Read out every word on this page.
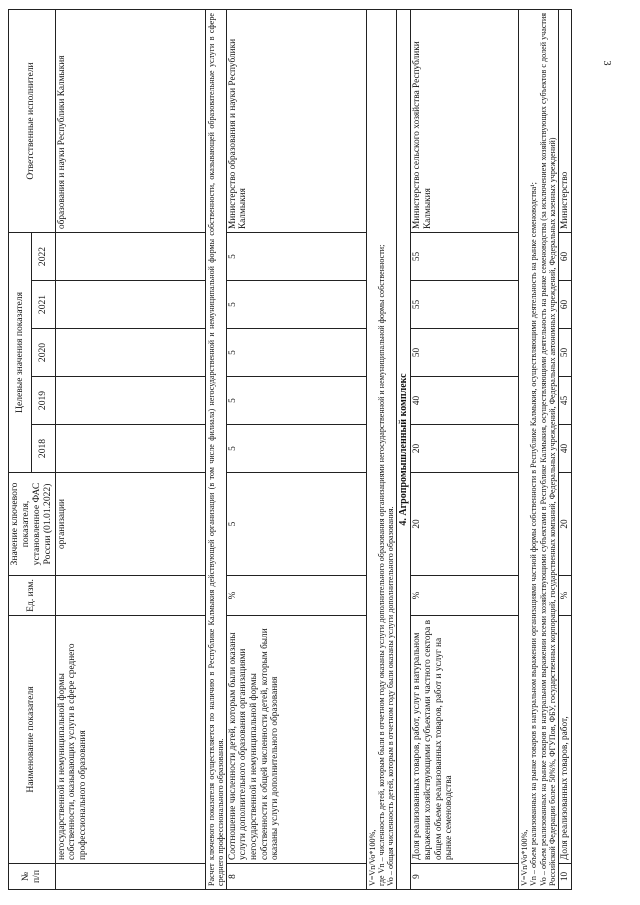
3
№ п/п	Наименование показателя	Ед. изм.	Значение ключевого показателя, установленное ФАС России (01.01.2022)	Целевые значения показателя					Ответственные исполнители
				2018	2019	2020	2021	2022	
	негосударственной и немуниципальной формы собственности, оказывающих услуги в сфере среднего профессионального образования		организации						образования и науки Республики Калмыкия
Расчет ключевого показателя осуществляется по наличию в Республике Калмыкия действующей организации (в том числе филиала) негосударственной и немуниципальной формы собственности, оказывающей образовательные услуги в сфере среднего профессионального образования.									
8	Соотношение численности детей, которым были оказаны услуги дополнительного образования организациями негосударственной и немуниципальной формы собственности к общей численности детей, которым были оказаны услуги дополнительного образования	%	5	5	5	5	5	5	Министерство образования и науки Республики Калмыкия

V=Vn/Vo*100%, где Vn – численность детей, которым были в отчетном году оказаны услуги дополнительного образования организациями негосударственной и немуниципальной формы собственности; Vo – общая численность детей, которым в отчетном году были оказаны услуги дополнительного образования.									

4. Агропромышленный комплекс									
9	Доля реализованных товаров, работ, услуг в натуральном выражении хозяйствующими субъектами частного сектора в общем объеме реализованных товаров, работ и услуг на рынке семеноводства	%	20	20	40	50	55	55	Министерство сельского хозяйства Республики Калмыкия

V=Vn/Vo*100%, Vn – объем реализованных на рынке товаров в натуральном выражении организациями частной формы собственности в Республике Калмыкия, осуществляющими деятельность на рынке семеноводства¹; Vo – объем реализованных на рынке товаров в натуральном выражении всеми хозяйствующими субъектами в Республике Калмыкия, осуществляющими деятельность на рынке семеноводства (за исключением хозяйствующих субъектов с долей участия Российской Федерации более 50%%, ФГУПов, ФБУ, государственных корпораций, государственных компаний, Федеральных учреждений, Федеральных автономных учреждений, Федеральных казенных учреждений)									

10	Доля реализованных товаров, работ,	%	20	40	45	50	60	60	Министерство
